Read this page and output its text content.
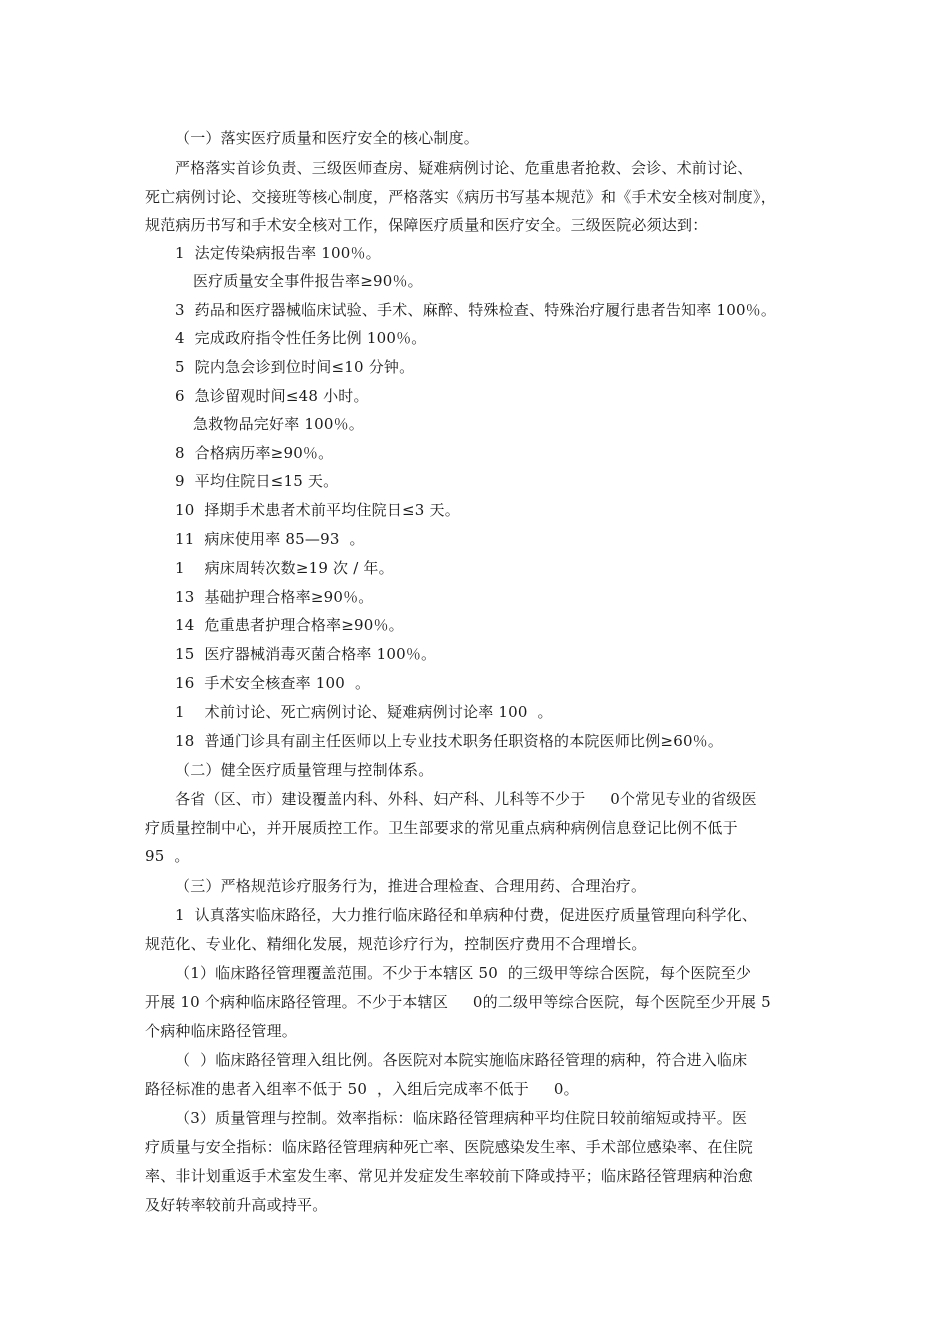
（一）落实医疗质量和医疗安全的核心制度。
严格落实首诊负责、三级医师查房、疑难病例讨论、危重患者抢救、会诊、术前讨论、
死亡病例讨论、交接班等核心制度，严格落实《病历书写基本规范》和《手术安全核对制度》，
规范病历书写和手术安全核对工作，保障医疗质量和医疗安全。三级医院必须达到：
1  法定传染病报告率 100％。
医疗质量安全事件报告率≥90％。
3  药品和医疗器械临床试验、手术、麻醉、特殊检查、特殊治疗履行患者告知率 100％。
4  完成政府指令性任务比例 100％。
5  院内急会诊到位时间≤10 分钟。
6  急诊留观时间≤48 小时。
急救物品完好率 100％。
8  合格病历率≥90％。
9  平均住院日≤15 天。
10  择期手术患者术前平均住院日≤3 天。
11  病床使用率 85—93  。
1    病床周转次数≥19 次 / 年。
13  基础护理合格率≥90％。
14  危重患者护理合格率≥90％。
15  医疗器械消毒灭菌合格率 100％。
16  手术安全核查率 100  。
1    术前讨论、死亡病例讨论、疑难病例讨论率 100  。
18  普通门诊具有副主任医师以上专业技术职务任职资格的本院医师比例≥60％。
（二）健全医疗质量管理与控制体系。
各省（区、市）建设覆盖内科、外科、妇产科、儿科等不少于     0个常见专业的省级医
疗质量控制中心，并开展质控工作。卫生部要求的常见重点病种病例信息登记比例不低于
95  。
（三）严格规范诊疗服务行为，推进合理检查、合理用药、合理治疗。
1  认真落实临床路径，大力推行临床路径和单病种付费，促进医疗质量管理向科学化、
规范化、专业化、精细化发展，规范诊疗行为，控制医疗费用不合理增长。
（1）临床路径管理覆盖范围。不少于本辖区 50  的三级甲等综合医院，每个医院至少
开展 10 个病种临床路径管理。不少于本辖区     0的二级甲等综合医院，每个医院至少开展 5
个病种临床路径管理。
（  ）临床路径管理入组比例。各医院对本院实施临床路径管理的病种，符合进入临床
路径标准的患者入组率不低于 50  ，入组后完成率不低于     0。
（3）质量管理与控制。效率指标：临床路径管理病种平均住院日较前缩短或持平。医
疗质量与安全指标：临床路径管理病种死亡率、医院感染发生率、手术部位感染率、在住院
率、非计划重返手术室发生率、常见并发症发生率较前下降或持平；临床路径管理病种治愈
及好转率较前升高或持平。
